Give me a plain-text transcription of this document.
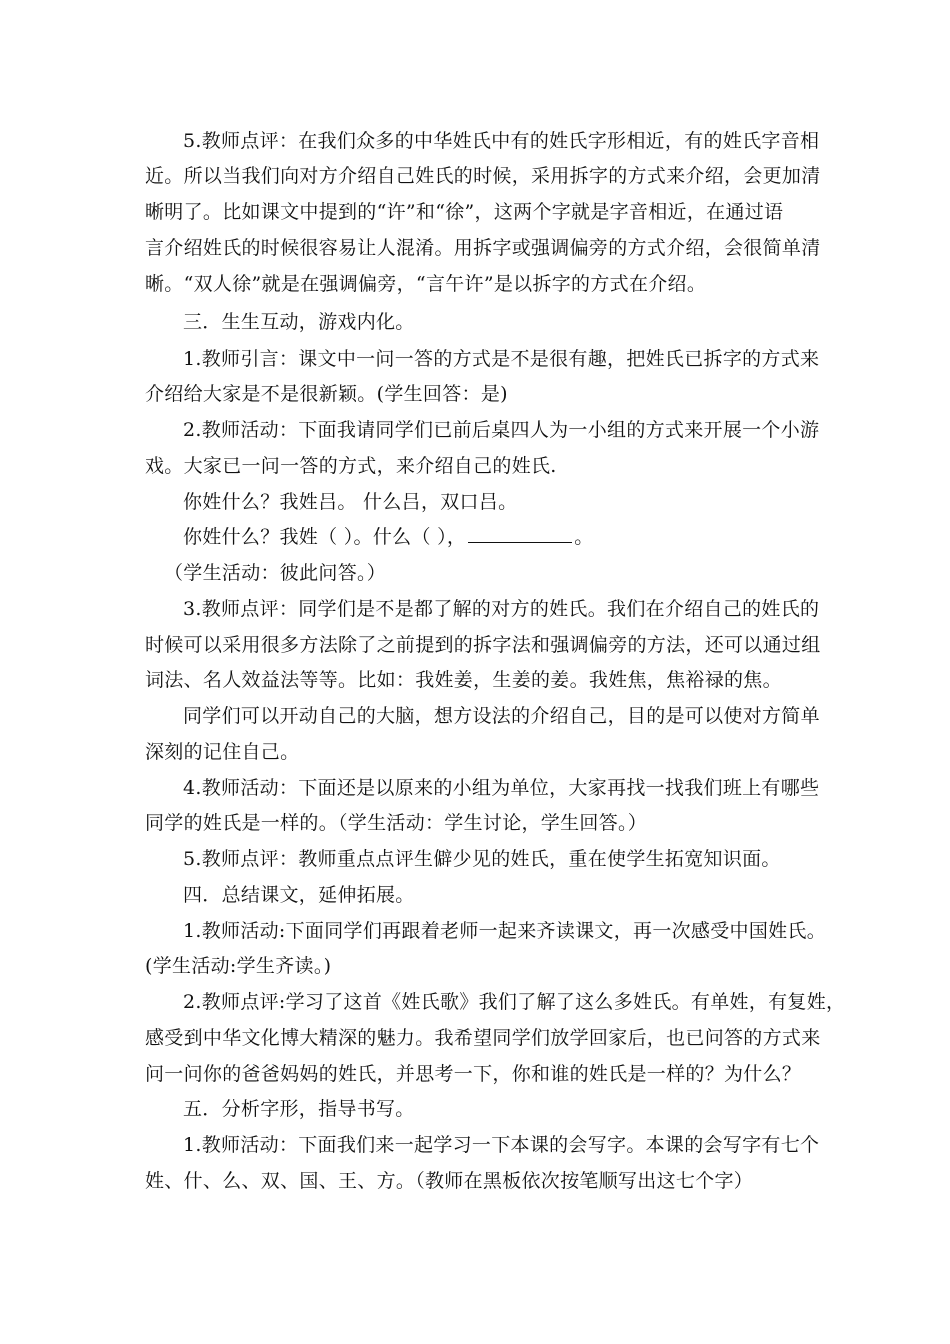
5.教师点评：在我们众多的中华姓氏中有的姓氏字形相近，有的姓氏字音相
近。所以当我们向对方介绍自己姓氏的时候，采用拆字的方式来介绍，会更加清
晰明了。比如课文中提到的“许”和“徐”，这两个字就是字音相近，在通过语
言介绍姓氏的时候很容易让人混淆。用拆字或强调偏旁的方式介绍，会很简单清
晰。“双人徐”就是在强调偏旁，“言午许”是以拆字的方式在介绍。
三．生生互动，游戏内化。
1.教师引言：课文中一问一答的方式是不是很有趣，把姓氏已拆字的方式来
介绍给大家是不是很新颖。(学生回答：是)
2.教师活动：下面我请同学们已前后桌四人为一小组的方式来开展一个小游
戏。大家已一问一答的方式，来介绍自己的姓氏.
你姓什么？我姓吕。 什么吕，双口吕。
你姓什么？我姓（ ）。什么（ ），	。
（学生活动：彼此问答。）
3.教师点评：同学们是不是都了解的对方的姓氏。我们在介绍自己的姓氏的
时候可以采用很多方法除了之前提到的拆字法和强调偏旁的方法，还可以通过组
词法、名人效益法等等。比如：我姓姜，生姜的姜。我姓焦，焦裕禄的焦。
同学们可以开动自己的大脑，想方设法的介绍自己，目的是可以使对方简单
深刻的记住自己。
4.教师活动：下面还是以原来的小组为单位，大家再找一找我们班上有哪些
同学的姓氏是一样的。（学生活动：学生讨论，学生回答。）
5.教师点评：教师重点点评生僻少见的姓氏，重在使学生拓宽知识面。
四．总结课文，延伸拓展。
1.教师活动:下面同学们再跟着老师一起来齐读课文，再一次感受中国姓氏。
(学生活动:学生齐读。)
2.教师点评:学习了这首《姓氏歌》我们了解了这么多姓氏。有单姓，有复姓，
感受到中华文化博大精深的魅力。我希望同学们放学回家后，也已问答的方式来
问一问你的爸爸妈妈的姓氏，并思考一下，你和谁的姓氏是一样的？为什么？
五．分析字形，指导书写。
1.教师活动：下面我们来一起学习一下本课的会写字。本课的会写字有七个
姓、什、么、双、国、王、方。（教师在黑板依次按笔顺写出这七个字）
